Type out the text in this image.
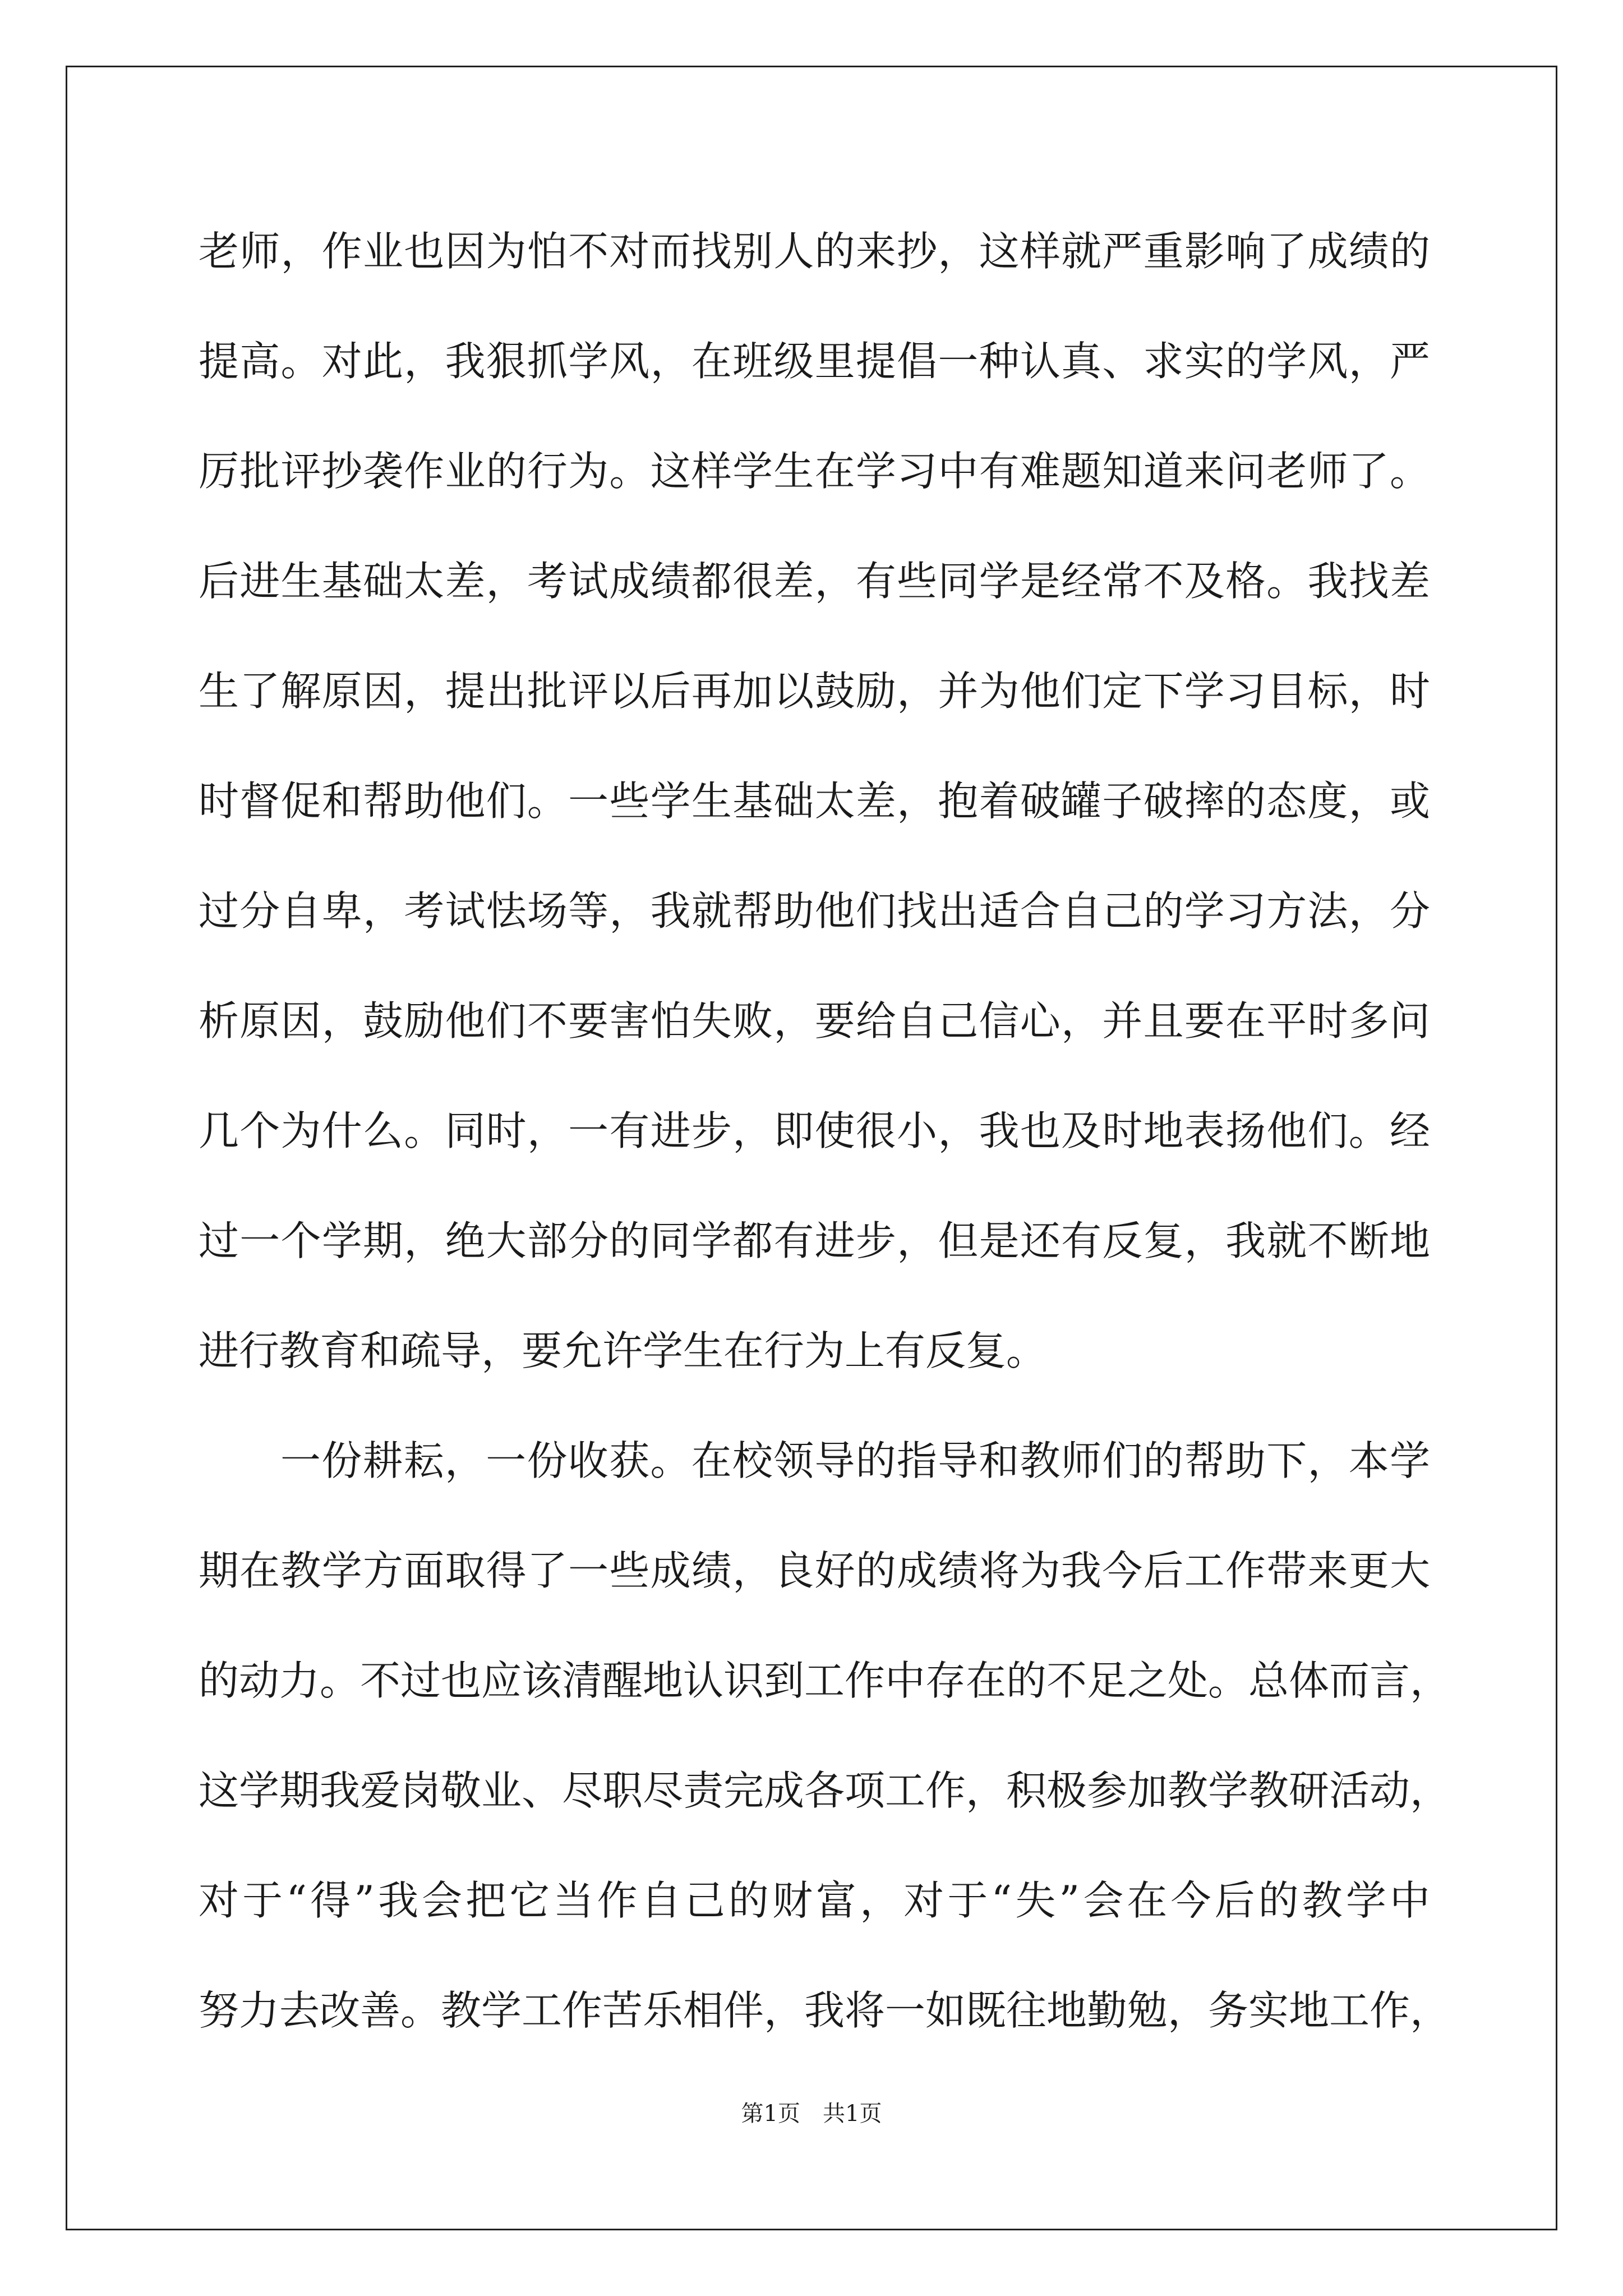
老师，作业也因为怕不对而找别人的来抄，这样就严重影响了成绩的
提高。对此，我狠抓学风，在班级里提倡一种认真、求实的学风，严
厉批评抄袭作业的行为。这样学生在学习中有难题知道来问老师了。
后进生基础太差，考试成绩都很差，有些同学是经常不及格。我找差
生了解原因，提出批评以后再加以鼓励，并为他们定下学习目标，时
时督促和帮助他们。一些学生基础太差，抱着破罐子破摔的态度，或
过分自卑，考试怯场等，我就帮助他们找出适合自己的学习方法，分
析原因，鼓励他们不要害怕失败，要给自己信心，并且要在平时多问
几个为什么。同时，一有进步，即使很小，我也及时地表扬他们。经
过一个学期，绝大部分的同学都有进步，但是还有反复，我就不断地
进行教育和疏导，要允许学生在行为上有反复。
一份耕耘，一份收获。在校领导的指导和教师们的帮助下，本学
期在教学方面取得了一些成绩，良好的成绩将为我今后工作带来更大
的动力。不过也应该清醒地认识到工作中存在的不足之处。总体而言，
这学期我爱岗敬业、尽职尽责完成各项工作，积极参加教学教研活动，
对于“得”我会把它当作自己的财富，对于“失”会在今后的教学中
努力去改善。教学工作苦乐相伴，我将一如既往地勤勉，务实地工作，
第1页　共1页
